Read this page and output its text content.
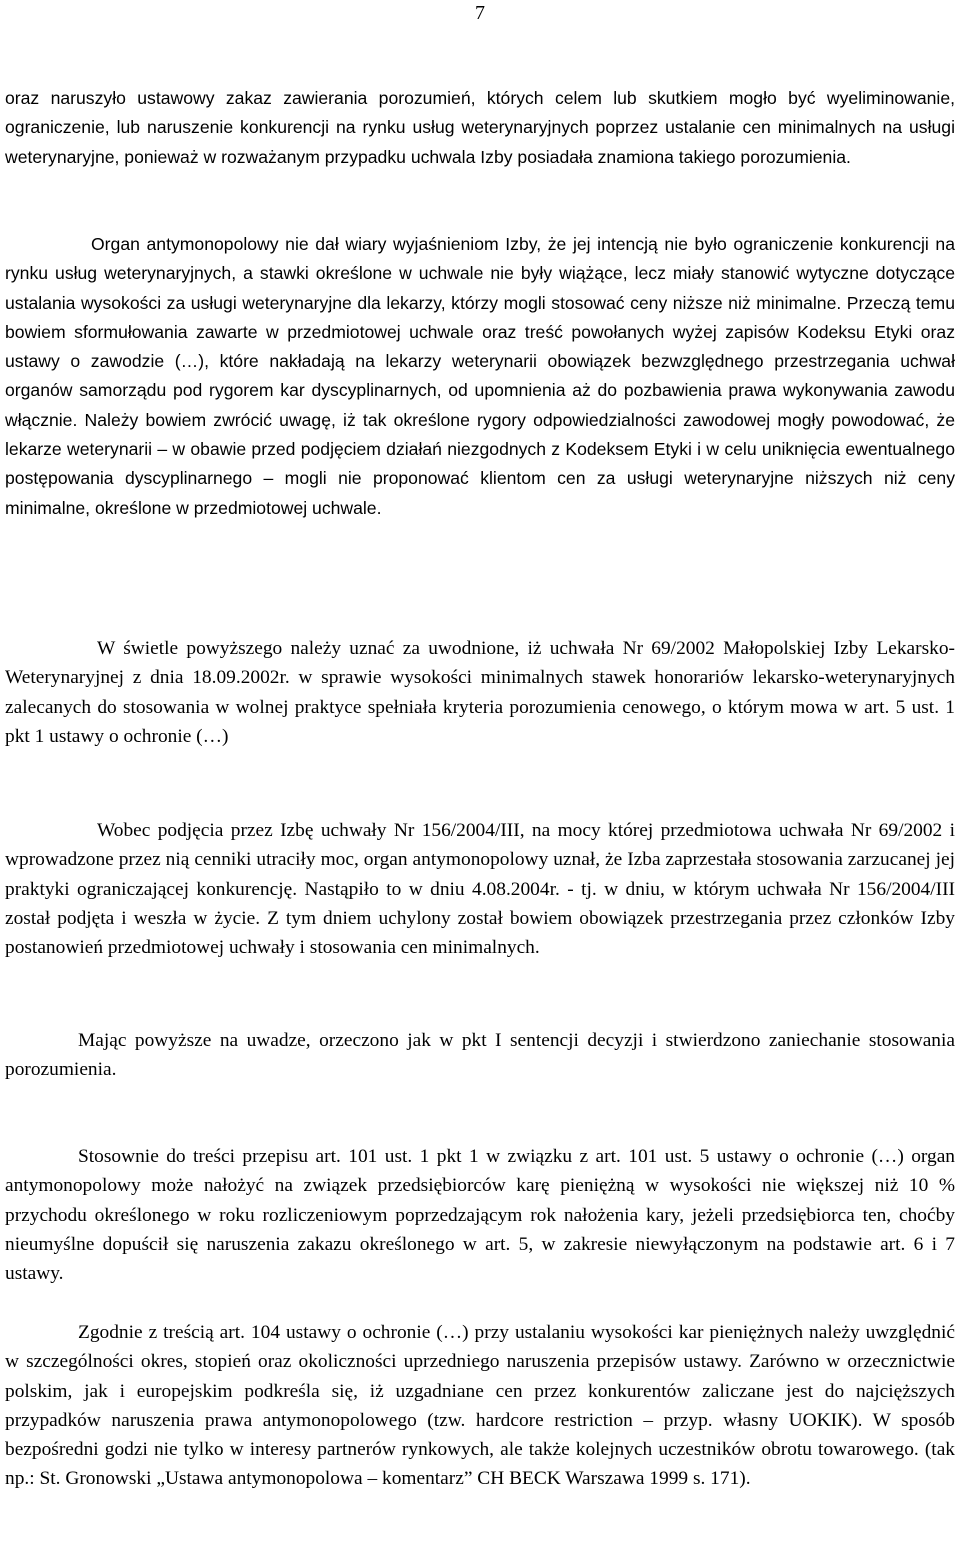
7

oraz naruszyło ustawowy zakaz zawierania porozumień, których celem lub skutkiem mogło być wyeliminowanie, ograniczenie, lub naruszenie konkurencji na rynku usług weterynaryjnych poprzez ustalanie cen minimalnych na usługi weterynaryjne, ponieważ w rozważanym przypadku uchwala Izby posiadała znamiona takiego porozumienia.

Organ antymonopolowy nie dał wiary wyjaśnieniom Izby, że jej intencją nie było ograniczenie konkurencji na rynku usług weterynaryjnych, a stawki określone w uchwale nie były wiążące, lecz miały stanowić wytyczne dotyczące ustalania wysokości za usługi weterynaryjne dla lekarzy, którzy mogli stosować ceny niższe niż minimalne. Przeczą temu bowiem sformułowania zawarte w przedmiotowej uchwale oraz treść powołanych wyżej zapisów Kodeksu Etyki oraz ustawy o zawodzie (…), które nakładają na lekarzy weterynarii obowiązek bezwzględnego przestrzegania uchwał organów samorządu pod rygorem kar dyscyplinarnych, od upomnienia aż do pozbawienia prawa wykonywania zawodu włącznie. Należy bowiem zwrócić uwagę, iż tak określone rygory odpowiedzialności zawodowej mogły powodować, że lekarze weterynarii – w obawie przed podjęciem działań niezgodnych z Kodeksem Etyki i w celu uniknięcia ewentualnego postępowania dyscyplinarnego – mogli nie proponować klientom cen za usługi weterynaryjne niższych niż ceny minimalne, określone w przedmiotowej uchwale.

W świetle powyższego należy uznać za uwodnione, iż uchwała Nr 69/2002 Małopolskiej Izby Lekarsko-Weterynaryjnej z dnia 18.09.2002r. w sprawie wysokości minimalnych stawek honorariów lekarsko-weterynaryjnych zalecanych do stosowania w wolnej praktyce spełniała kryteria porozumienia cenowego, o którym mowa w art. 5 ust. 1 pkt 1 ustawy o ochronie (…)

Wobec podjęcia przez Izbę uchwały Nr 156/2004/III, na mocy której przedmiotowa uchwała Nr 69/2002 i wprowadzone przez nią cenniki utraciły moc, organ antymonopolowy uznał, że Izba zaprzestała stosowania zarzucanej jej praktyki ograniczającej konkurencję. Nastąpiło to w dniu 4.08.2004r. - tj. w dniu, w którym uchwała Nr 156/2004/III został podjęta i weszła w życie. Z tym dniem uchylony został bowiem obowiązek przestrzegania przez członków Izby postanowień przedmiotowej uchwały i stosowania cen minimalnych.

Mając powyższe na uwadze, orzeczono jak w pkt I sentencji decyzji i stwierdzono zaniechanie stosowania porozumienia.

Stosownie do treści przepisu art. 101 ust. 1 pkt 1 w związku z art. 101 ust. 5 ustawy o ochronie (…) organ antymonopolowy może nałożyć na związek przedsiębiorców karę pieniężną w wysokości nie większej niż 10 % przychodu określonego w roku rozliczeniowym poprzedzającym rok nałożenia kary, jeżeli przedsiębiorca ten, choćby nieumyślne dopuścił się naruszenia zakazu określonego w art. 5, w zakresie niewyłączonym na podstawie art. 6 i 7 ustawy.

Zgodnie z treścią art. 104 ustawy o ochronie (…) przy ustalaniu wysokości kar pieniężnych należy uwzględnić w szczególności okres, stopień oraz okoliczności uprzedniego naruszenia przepisów ustawy. Zarówno w orzecznictwie polskim, jak i europejskim podkreśla się, iż uzgadniane cen przez konkurentów zaliczane jest do najcięższych przypadków naruszenia prawa antymonopolowego (tzw. hardcore restriction – przyp. własny UOKIK). W sposób bezpośredni godzi nie tylko w interesy partnerów rynkowych, ale także kolejnych uczestników obrotu towarowego. (tak np.: St. Gronowski „Ustawa antymonopolowa – komentarz” CH BECK Warszawa 1999 s. 171).
